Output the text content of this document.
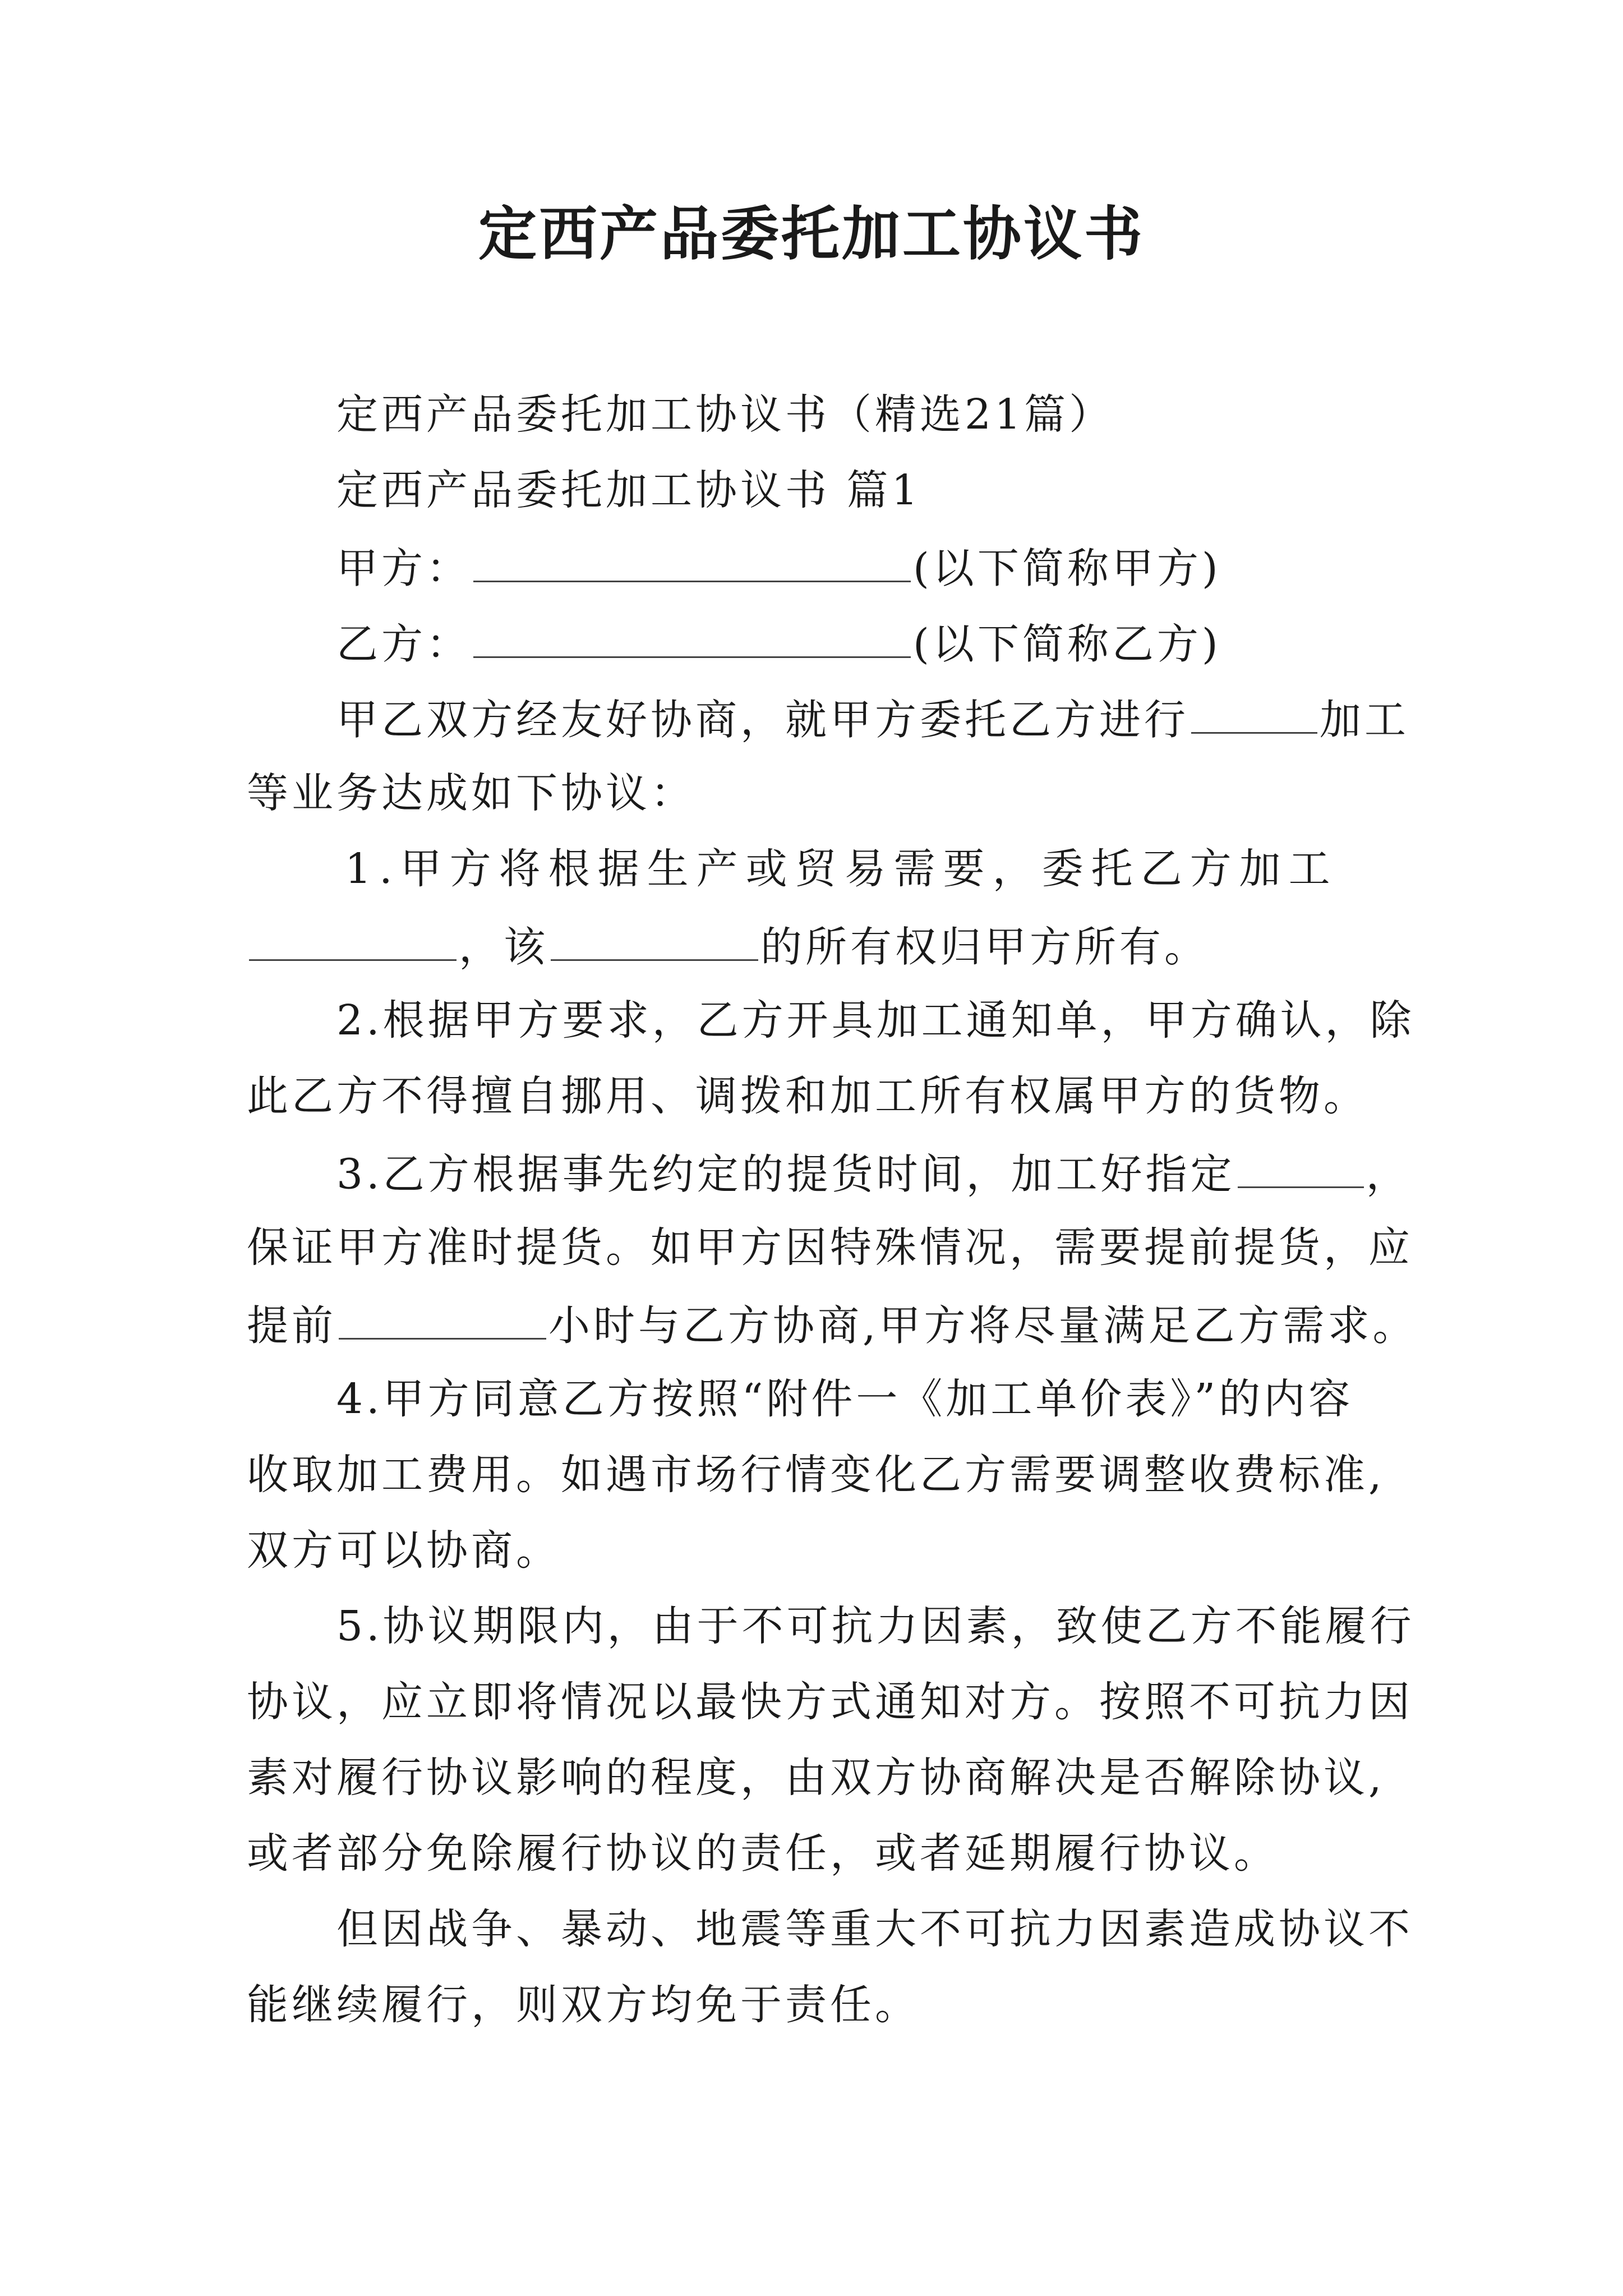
定西产品委托加工协议书
定西产品委托加工协议书（精选21篇）
定西产品委托加工协议书 篇1
甲方：	(以下简称甲方)
乙方：	(以下简称乙方)
甲乙双方经友好协商，就甲方委托乙方进行	加工
等业务达成如下协议：
1.甲方将根据生产或贸易需要，委托乙方加工
，该	的所有权归甲方所有。
2.根据甲方要求，乙方开具加工通知单，甲方确认，除
此乙方不得擅自挪用、调拨和加工所有权属甲方的货物。
3.乙方根据事先约定的提货时间，加工好指定	，
保证甲方准时提货。如甲方因特殊情况，需要提前提货，应
提前	小时与乙方协商,甲方将尽量满足乙方需求。
4.甲方同意乙方按照“附件一《加工单价表》”的内容
收取加工费用。如遇市场行情变化乙方需要调整收费标准,
双方可以协商。
5.协议期限内，由于不可抗力因素，致使乙方不能履行
协议，应立即将情况以最快方式通知对方。按照不可抗力因
素对履行协议影响的程度，由双方协商解决是否解除协议,
或者部分免除履行协议的责任，或者延期履行协议。
但因战争、暴动、地震等重大不可抗力因素造成协议不
能继续履行，则双方均免于责任。
